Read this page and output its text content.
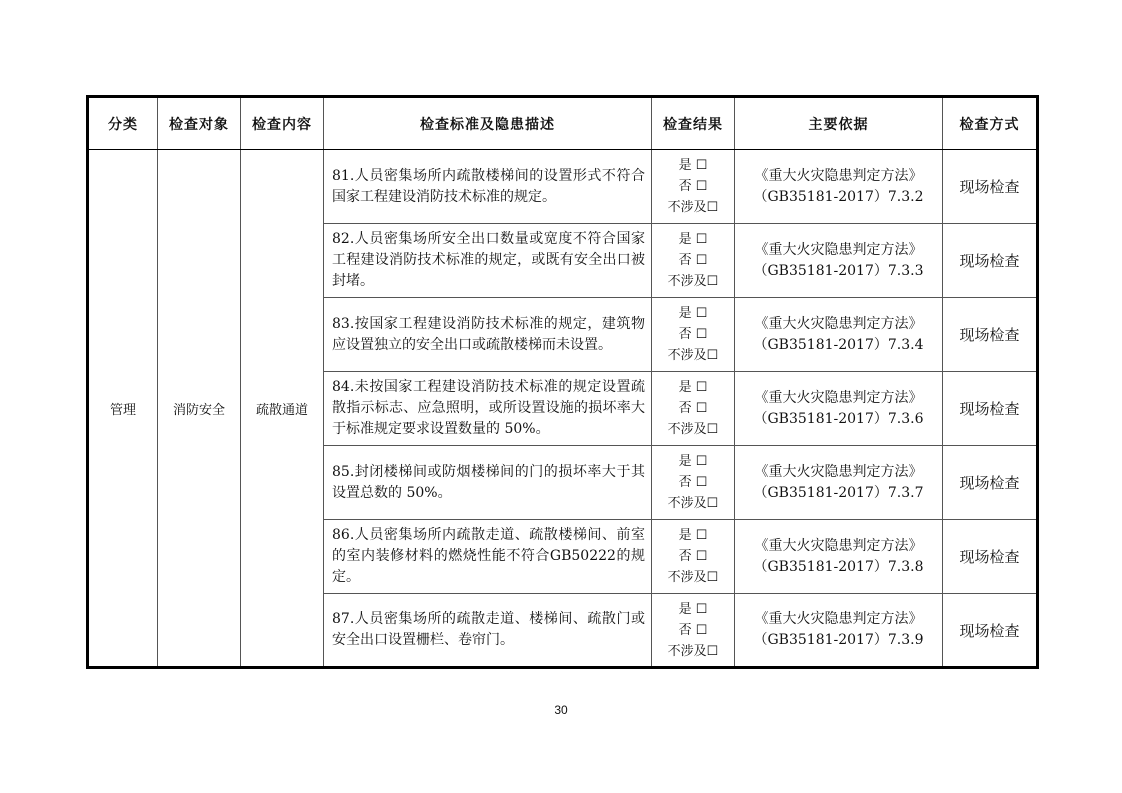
分类	检查对象	检查内容	检查标准及隐患描述	检查结果	主要依据	检查方式
管理	消防安全	疏散通道	81.人员密集场所内疏散楼梯间的设置形式不符合国家工程建设消防技术标准的规定。	是 ☐
否 ☐
不涉及☐	《重大火灾隐患判定方法》
（GB35181-2017）7.3.2	现场检查
			82.人员密集场所安全出口数量或宽度不符合国家工程建设消防技术标准的规定，或既有安全出口被封堵。	是 ☐
否 ☐
不涉及☐	《重大火灾隐患判定方法》
（GB35181-2017）7.3.3	现场检查
			83.按国家工程建设消防技术标准的规定，建筑物应设置独立的安全出口或疏散楼梯而未设置。	是 ☐
否 ☐
不涉及☐	《重大火灾隐患判定方法》
（GB35181-2017）7.3.4	现场检查
			84.未按国家工程建设消防技术标准的规定设置疏散指示标志、应急照明，或所设置设施的损坏率大于标准规定要求设置数量的 50%。	是 ☐
否 ☐
不涉及☐	《重大火灾隐患判定方法》
（GB35181-2017）7.3.6	现场检查
			85.封闭楼梯间或防烟楼梯间的门的损坏率大于其设置总数的 50%。	是 ☐
否 ☐
不涉及☐	《重大火灾隐患判定方法》
（GB35181-2017）7.3.7	现场检查
			86.人员密集场所内疏散走道、疏散楼梯间、前室的室内装修材料的燃烧性能不符合GB50222的规定。	是 ☐
否 ☐
不涉及☐	《重大火灾隐患判定方法》
（GB35181-2017）7.3.8	现场检查
			87.人员密集场所的疏散走道、楼梯间、疏散门或安全出口设置栅栏、卷帘门。	是 ☐
否 ☐
不涉及☐	《重大火灾隐患判定方法》
（GB35181-2017）7.3.9	现场检查
30
